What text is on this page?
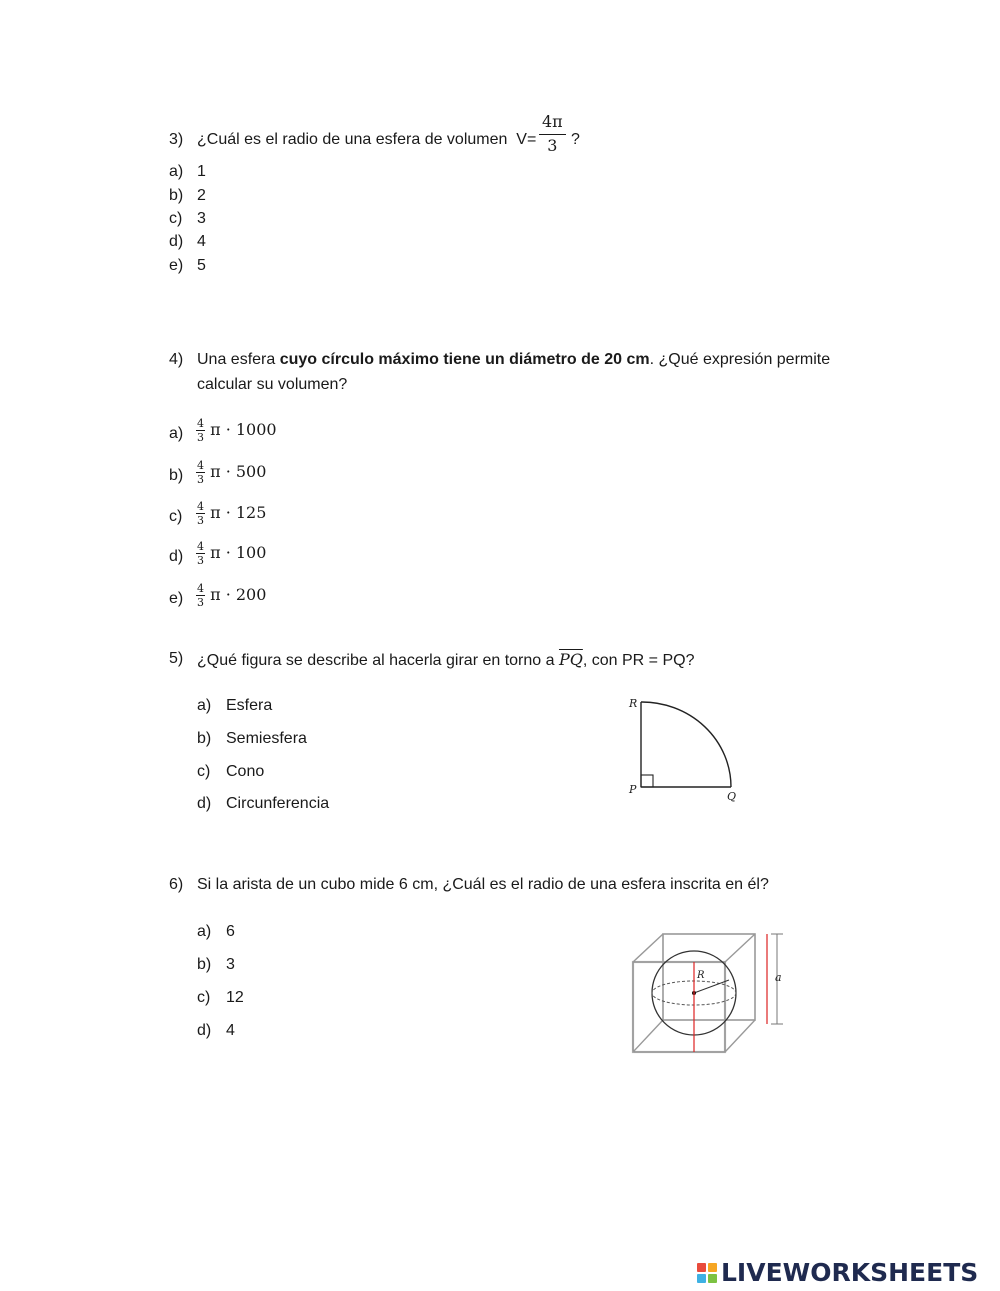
3) ¿Cuál es el radio de una esfera de volumen $V= \frac{4\pi}{3}$ ?
a) 1
b) 2
c) 3
d) 4
e) 5
4) Una esfera cuyo círculo máximo tiene un diámetro de 20 cm. ¿Qué expresión permite
calcular su volumen?
$a) \frac{4}{3}$ π · 1000
$b) \frac{4}{3}$ π · 500
$c) \frac{4}{3}$ π · 125
$d) \frac{4}{3}$ π · 100
$e) \frac{4}{3}$ π · 200
5) ¿Qué figura se describe al hacerla girar en torno a $\overline{PQ}$, con PR = PQ?
a) Esfera
b) Semiesfera
c) Cono
d) Circunferencia
R
P
Q
6) Si la arista de un cubo mide 6 cm, ¿Cuál es el radio de una esfera inscrita en él?
a) 6
b) 3
c) 12
d) 4
R	a
LIVEWORKSHEETS
